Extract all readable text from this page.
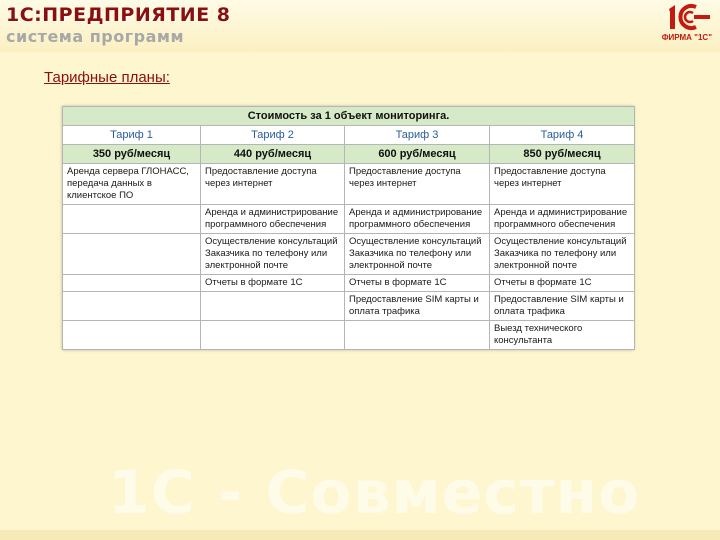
1С:ПРЕДПРИЯТИЕ 8
система программ	ФИРМА "1С"
Тарифные планы:
Стоимость за 1 объект мониторинга.			
Тариф 1	Тариф 2	Тариф 3	Тариф 4
350 руб/месяц	440 руб/месяц	600 руб/месяц	850 руб/месяц
Аренда сервера ГЛОНАСС, передача данных в клиентское ПО	Предоставление доступа через интернет	Предоставление доступа через интернет	Предоставление доступа через интернет
	Аренда и администрирование программного обеспечения	Аренда и администрирование программного обеспечения	Аренда и администрирование программного обеспечения
	Осуществление консультаций Заказчика по телефону или электронной почте	Осуществление консультаций Заказчика по телефону или электронной почте	Осуществление консультаций Заказчика по телефону или электронной почте
	Отчеты в формате 1С	Отчеты в формате 1С	Отчеты в формате 1С
		Предоставление SIM карты и оплата трафика	Предоставление SIM карты и оплата трафика
			Выезд технического консультанта
1С - Совместно
